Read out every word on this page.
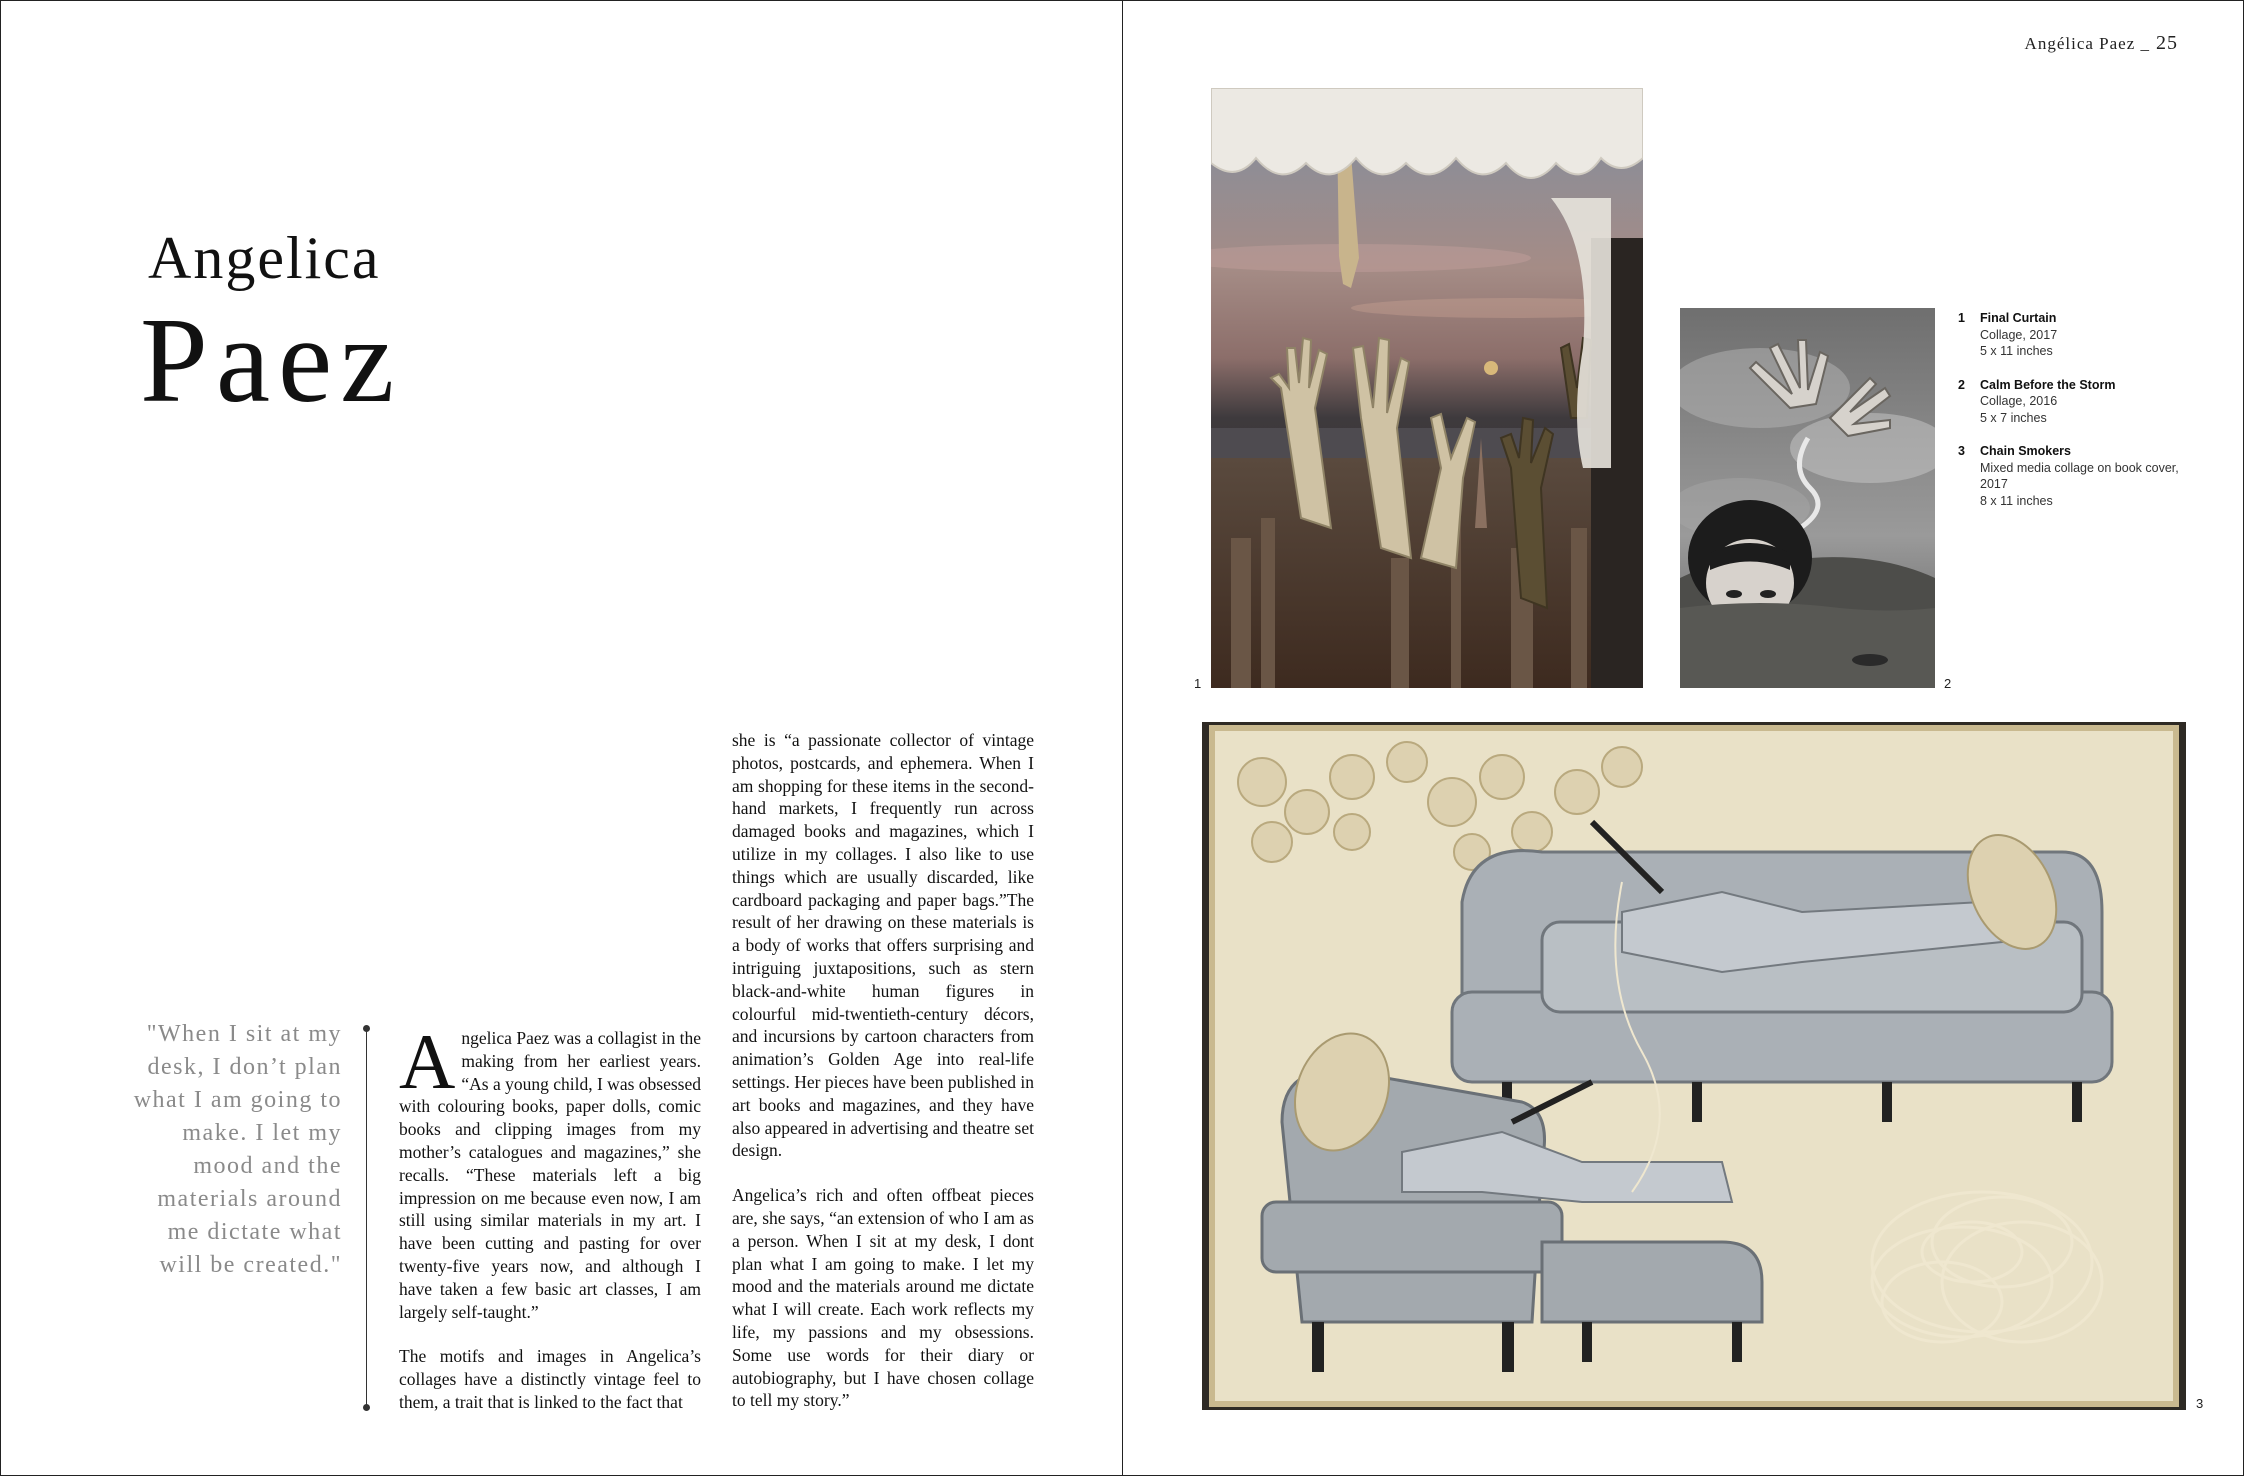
Angelica
Paez
"When I sit at my desk, I don’t plan what I am going to make. I let my mood and the materials around me dictate what will be created."

Angelica Paez was a collagist in the making from her earliest years. “As a young child, I was obsessed with colouring books, paper dolls, comic books and clipping images from my mother’s catalogues and magazines,” she recalls. “These materials left a big impression on me because even now, I am still using similar materials in my art. I have been cutting and pasting for over twenty-five years now, and although I have taken a few basic art classes, I am largely self-taught.”

The motifs and images in Angelica’s collages have a distinctly vintage feel to them, a trait that is linked to the fact that

she is “a passionate collector of vintage photos, postcards, and ephemera. When I am shopping for these items in the second-hand markets, I frequently run across damaged books and magazines, which I utilize in my collages. I also like to use things which are usually discarded, like cardboard packaging and paper bags.”The result of her drawing on these materials is a body of works that offers surprising and intriguing juxtapositions, such as stern black-and-white human figures in colourful mid-twentieth-century décors, and incursions by cartoon characters from animation’s Golden Age into real-life settings. Her pieces have been published in art books and magazines, and they have also appeared in advertising and theatre set design.

Angelica’s rich and often offbeat pieces are, she says, “an extension of who I am as a person. When I sit at my desk, I dont plan what I am going to make. I let my mood and the materials around me dictate what I will create. Each work reflects my life, my passions and my obsessions. Some use words for their diary or autobiography, but I have chosen collage to tell my story.”

Angélica Paez _ 25
1	2
3
1 Final Curtain
Collage, 2017
5 x 11 inches
2 Calm Before the Storm
Collage, 2016
5 x 7 inches
3 Chain Smokers
Mixed media collage on book cover, 2017
8 x 11 inches
